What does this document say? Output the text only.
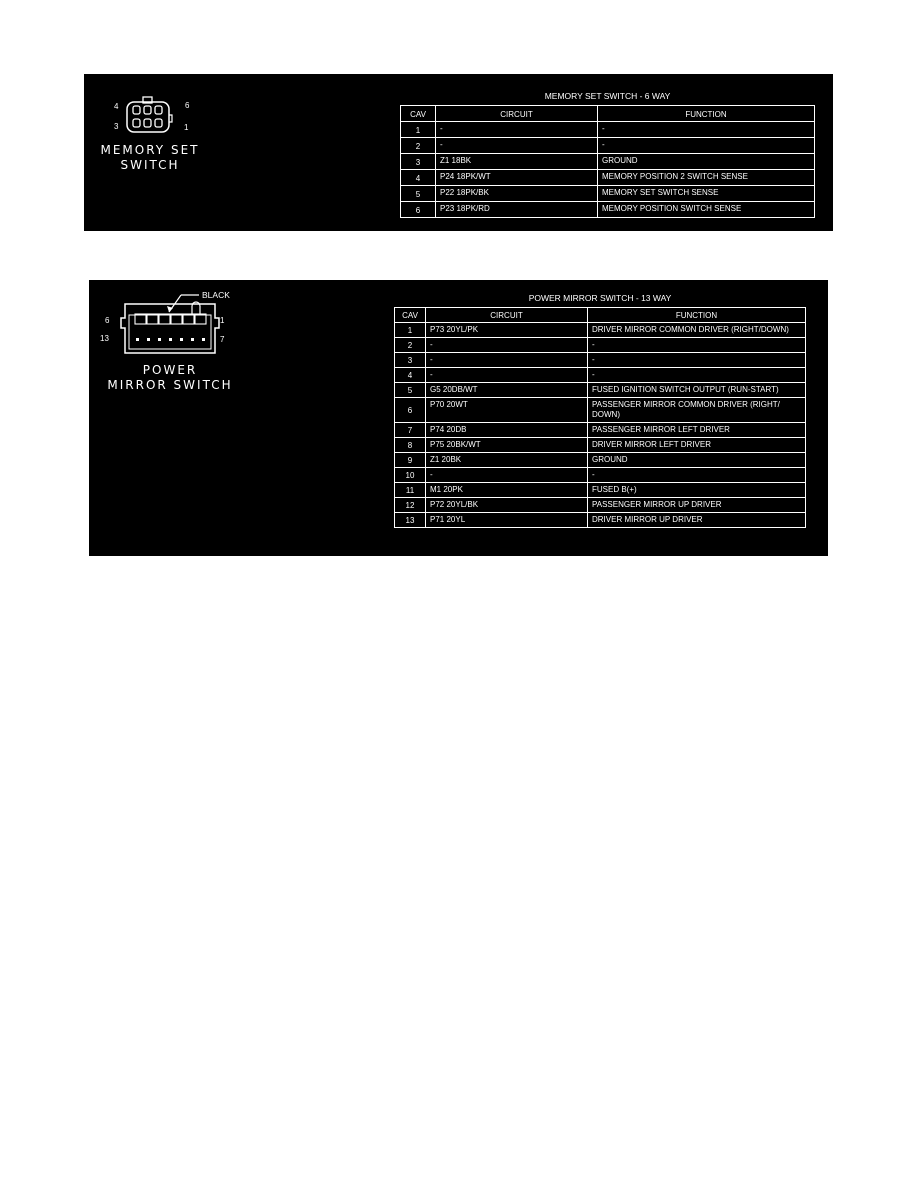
4	6
3	1
MEMORY SET
SWITCH
MEMORY SET SWITCH - 6 WAY
CAV	CIRCUIT	FUNCTION
1	-	-
2	-	-
3	Z1 18BK	GROUND
4	P24 18PK/WT	MEMORY POSITION 2 SWITCH SENSE
5	P22 18PK/BK	MEMORY SET SWITCH SENSE
6	P23 18PK/RD	MEMORY POSITION SWITCH SENSE
BLACK
6	1
13	7
POWER
MIRROR SWITCH
POWER MIRROR SWITCH - 13 WAY
CAV	CIRCUIT	FUNCTION
1	P73 20YL/PK	DRIVER MIRROR COMMON DRIVER (RIGHT/DOWN)
2	-	-
3	-	-
4	-	-
5	G5 20DB/WT	FUSED IGNITION SWITCH OUTPUT (RUN-START)
6	P70 20WT	PASSENGER MIRROR COMMON DRIVER (RIGHT/ DOWN)
7	P74 20DB	PASSENGER MIRROR LEFT DRIVER
8	P75 20BK/WT	DRIVER MIRROR LEFT DRIVER
9	Z1 20BK	GROUND
10	-	-
11	M1 20PK	FUSED B(+)
12	P72 20YL/BK	PASSENGER MIRROR UP DRIVER
13	P71 20YL	DRIVER MIRROR UP DRIVER
